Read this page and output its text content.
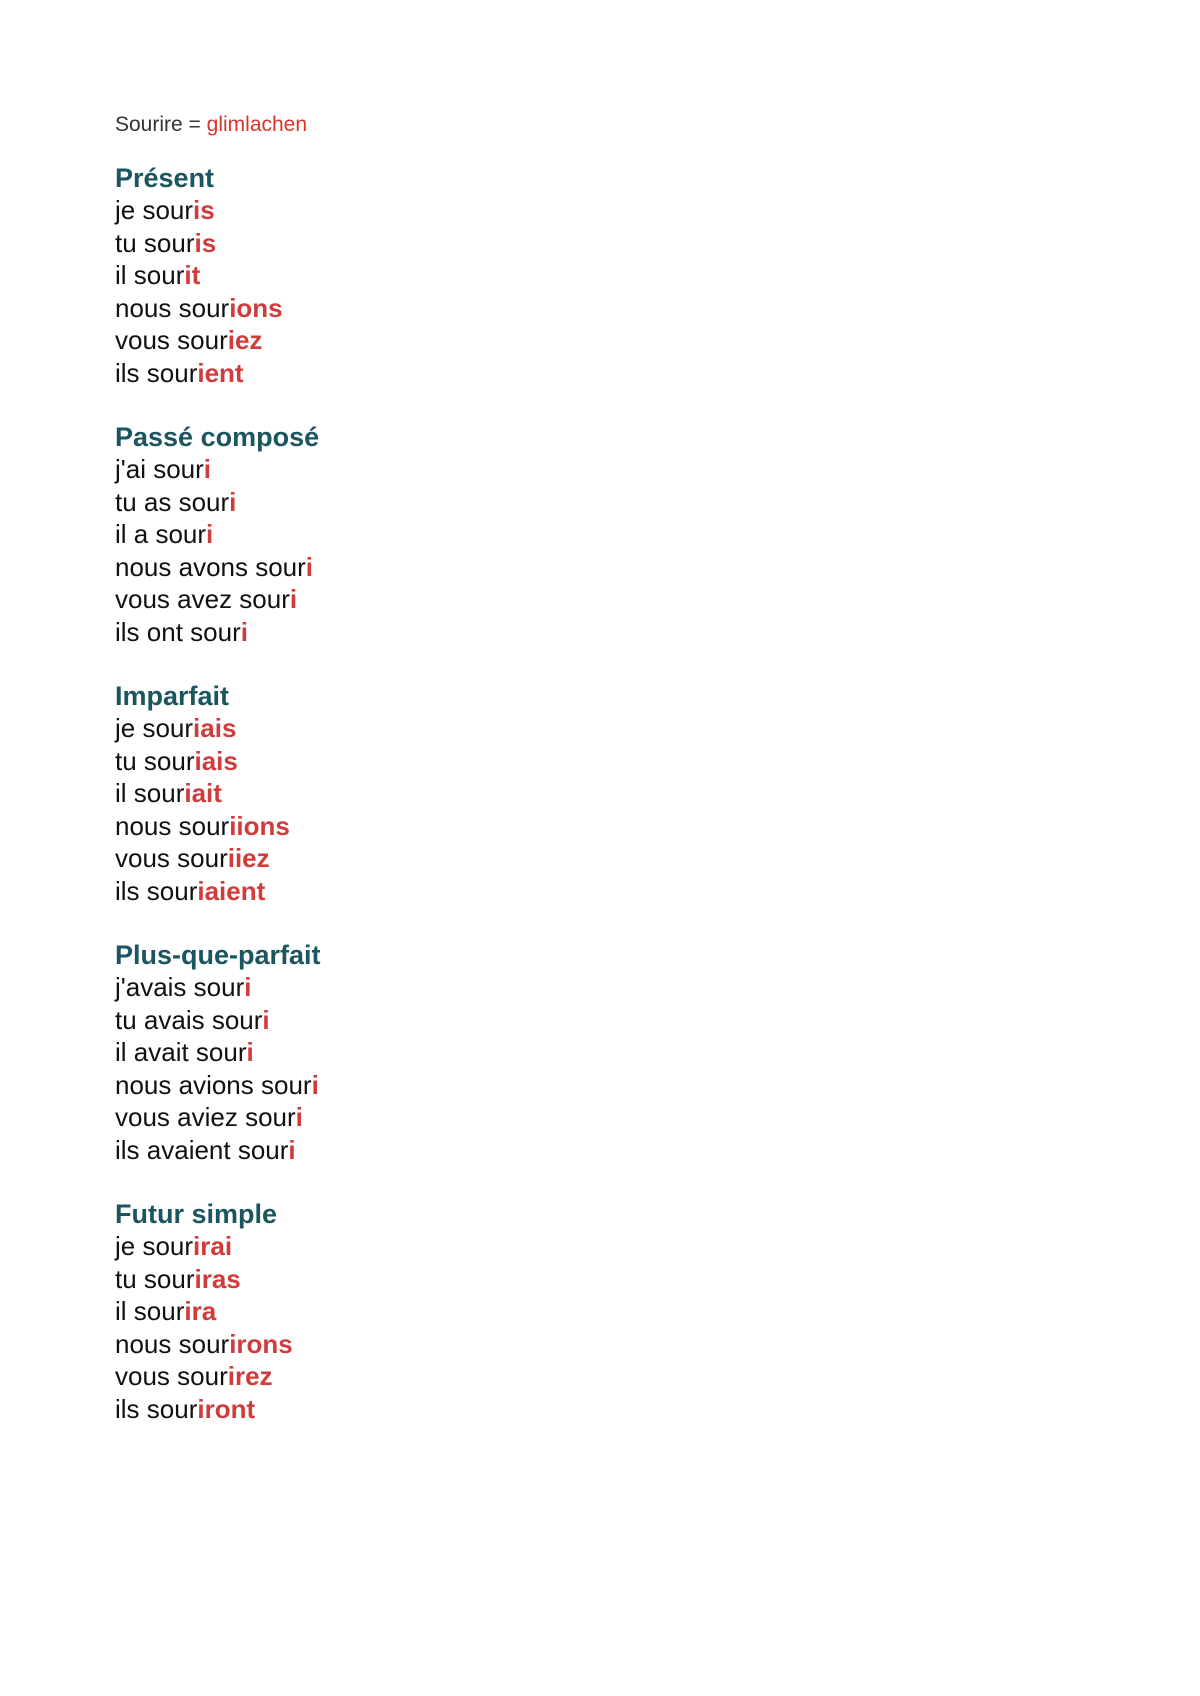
Sourire = glimlachen
Présent
je souris
tu souris
il sourit
nous sourions
vous souriez
ils sourient
Passé composé
j'ai souri
tu as souri
il a souri
nous avons souri
vous avez souri
ils ont souri
Imparfait
je souriais
tu souriais
il souriait
nous souriions
vous souriiez
ils souriaient
Plus-que-parfait
j'avais souri
tu avais souri
il avait souri
nous avions souri
vous aviez souri
ils avaient souri
Futur simple
je sourirai
tu souriras
il sourira
nous sourirons
vous sourirez
ils souriront
